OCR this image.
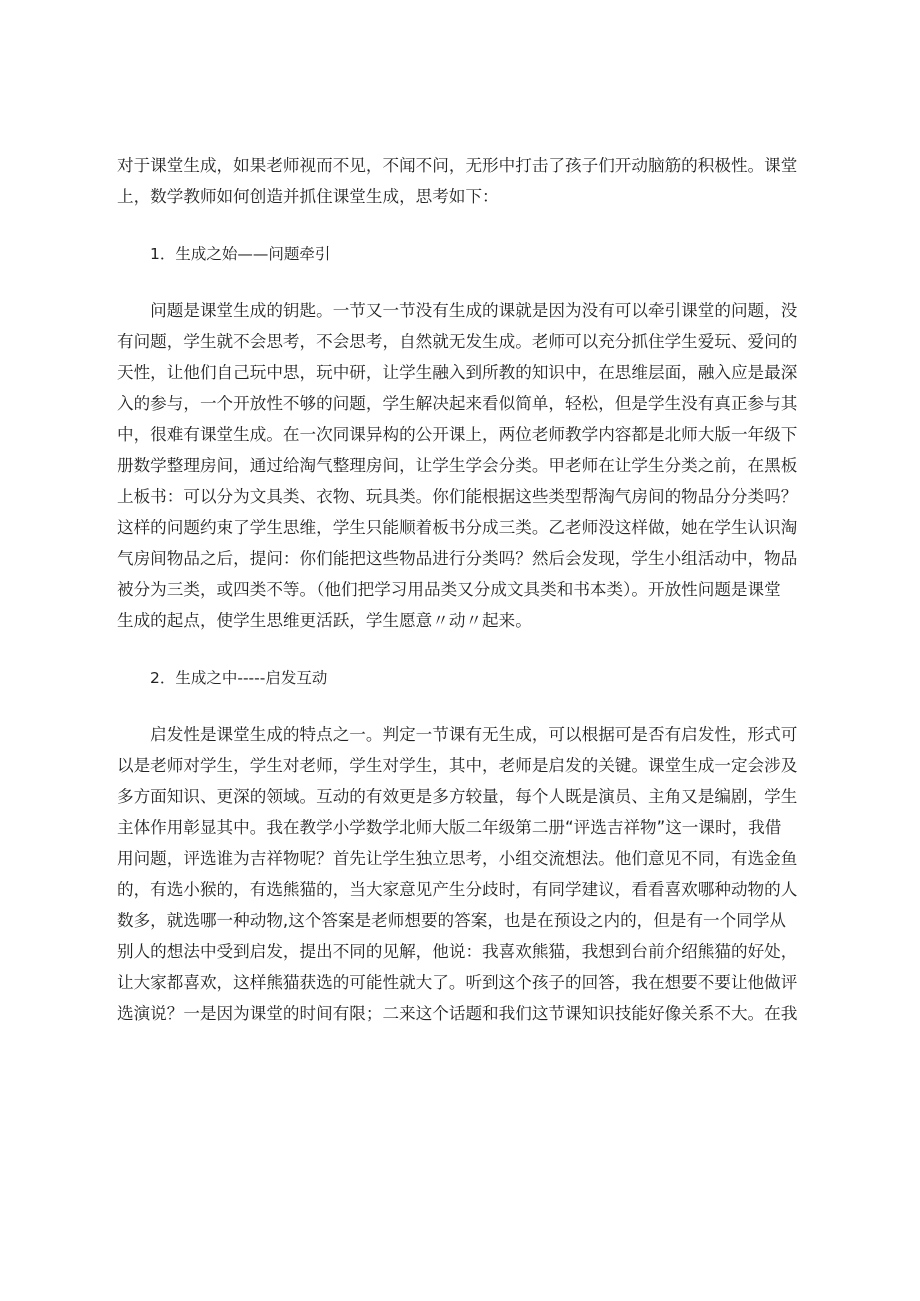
对于课堂生成，如果老师视而不见，不闻不问，无形中打击了孩子们开动脑筋的积极性。课堂
上，数学教师如何创造并抓住课堂生成，思考如下：
1．生成之始——问题牵引
　　问题是课堂生成的钥匙。一节又一节没有生成的课就是因为没有可以牵引课堂的问题，没
有问题，学生就不会思考，不会思考，自然就无发生成。老师可以充分抓住学生爱玩、爱问的
天性，让他们自己玩中思，玩中研，让学生融入到所教的知识中，在思维层面，融入应是最深
入的参与，一个开放性不够的问题，学生解决起来看似简单，轻松，但是学生没有真正参与其
中，很难有课堂生成。在一次同课异构的公开课上，两位老师教学内容都是北师大版一年级下
册数学整理房间，通过给淘气整理房间，让学生学会分类。甲老师在让学生分类之前，在黑板
上板书：可以分为文具类、衣物、玩具类。你们能根据这些类型帮淘气房间的物品分分类吗？
这样的问题约束了学生思维，学生只能顺着板书分成三类。乙老师没这样做，她在学生认识淘
气房间物品之后，提问：你们能把这些物品进行分类吗？然后会发现，学生小组活动中，物品
被分为三类，或四类不等。（他们把学习用品类又分成文具类和书本类）。开放性问题是课堂
生成的起点，使学生思维更活跃，学生愿意〃动〃起来。
2．生成之中-----启发互动
　　启发性是课堂生成的特点之一。判定一节课有无生成，可以根据可是否有启发性，形式可
以是老师对学生，学生对老师，学生对学生，其中，老师是启发的关键。课堂生成一定会涉及
多方面知识、更深的领域。互动的有效更是多方较量，每个人既是演员、主角又是编剧，学生
主体作用彰显其中。我在教学小学数学北师大版二年级第二册“评选吉祥物”这一课时，我借
用问题，评选谁为吉祥物呢？首先让学生独立思考，小组交流想法。他们意见不同，有选金鱼
的，有选小猴的，有选熊猫的，当大家意见产生分歧时，有同学建议，看看喜欢哪种动物的人
数多，就选哪一种动物,这个答案是老师想要的答案，也是在预设之内的，但是有一个同学从
别人的想法中受到启发，提出不同的见解，他说：我喜欢熊猫，我想到台前介绍熊猫的好处，
让大家都喜欢，这样熊猫获选的可能性就大了。听到这个孩子的回答，我在想要不要让他做评
选演说？一是因为课堂的时间有限；二来这个话题和我们这节课知识技能好像关系不大。在我
